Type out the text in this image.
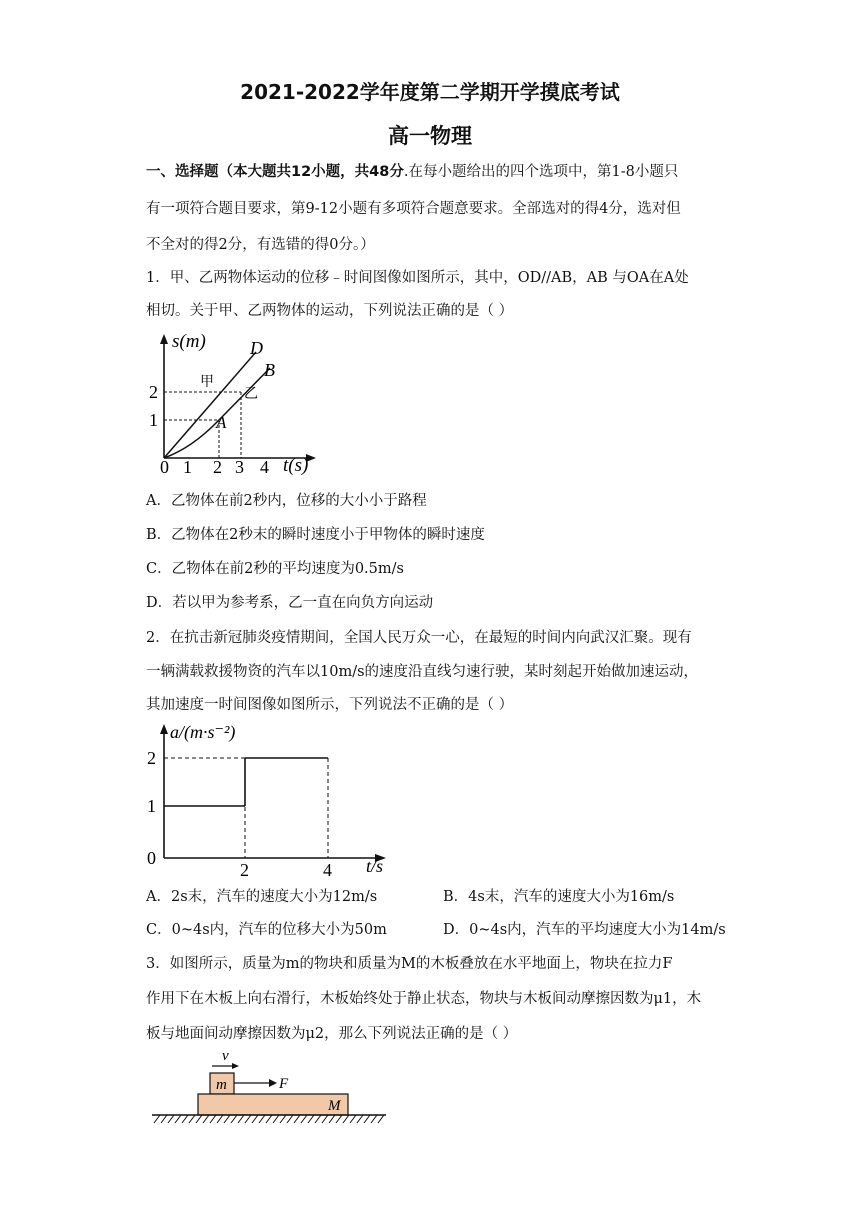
2021-2022学年度第二学期开学摸底考试
高一物理
一、选择题（本大题共12小题，共48分.在每小题给出的四个选项中，第1-8小题只
有一项符合题目要求，第9-12小题有多项符合题意要求。全部选对的得4分，选对但
不全对的得2分，有选错的得0分。）
1．甲、乙两物体运动的位移﹣时间图像如图所示，其中，OD//AB，AB 与OA在A处
相切。关于甲、乙两物体的运动，下列说法正确的是（ ）
s(m)
t(s)
0 1 2 3 4
1
2
D
B
A
甲
乙
A．乙物体在前2秒内，位移的大小小于路程
B．乙物体在2秒末的瞬时速度小于甲物体的瞬时速度
C．乙物体在前2秒的平均速度为0.5m/s
D．若以甲为参考系，乙一直在向负方向运动
2．在抗击新冠肺炎疫情期间，全国人民万众一心，在最短的时间内向武汉汇聚。现有
一辆满载救援物资的汽车以10m/s的速度沿直线匀速行驶，某时刻起开始做加速运动，
其加速度一时间图像如图所示，下列说法不正确的是（ ）
a/(m·s⁻²)
t/s
0
2	4
1
2
A．2s末，汽车的速度大小为12m/s	B．4s末，汽车的速度大小为16m/s
C．0~4s内，汽车的位移大小为50m	D．0~4s内，汽车的平均速度大小为14m/s
3．如图所示，质量为m的物块和质量为M的木板叠放在水平地面上，物块在拉力F
作用下在木板上向右滑行，木板始终处于静止状态，物块与木板间动摩擦因数为μ1，木
板与地面间动摩擦因数为μ2，那么下列说法正确的是（ ）
v
m	F
M
